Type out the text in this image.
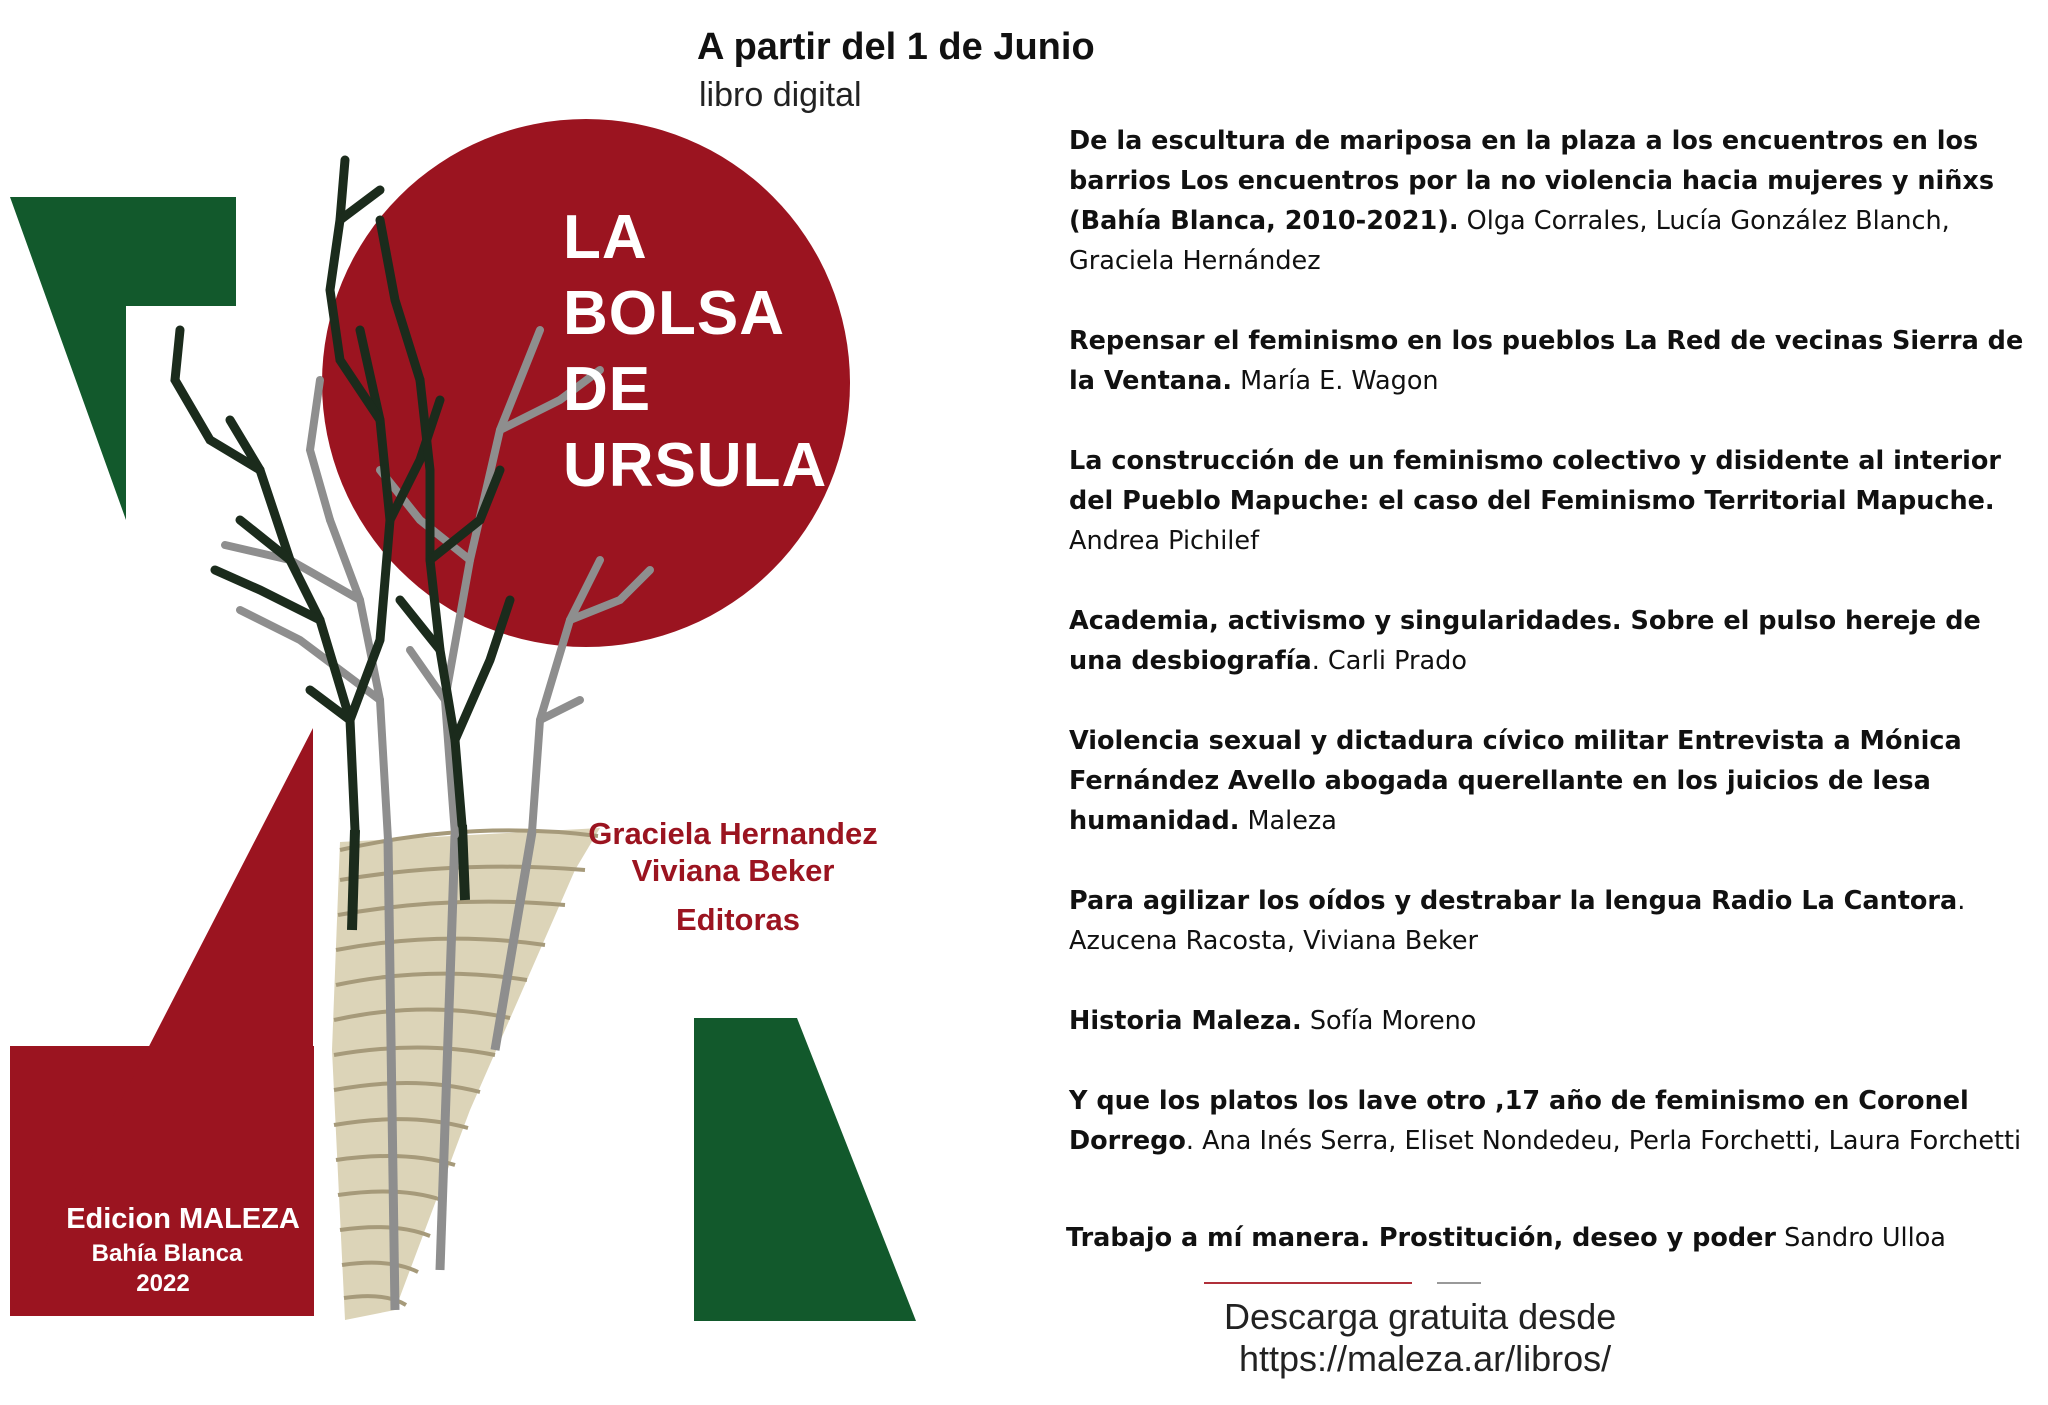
A partir del 1 de Junio
libro digital
LA
BOLSA
DE
URSULA
Graciela Hernandez
Viviana Beker
Editoras
Edicion MALEZA
Bahía Blanca
2022
De la escultura de mariposa en la plaza a los encuentros en los barrios Los encuentros por la no violencia hacia mujeres y niñxs (Bahía Blanca, 2010-2021). Olga Corrales, Lucía González Blanch, Graciela Hernández
Repensar el feminismo en los pueblos La Red de vecinas Sierra de la Ventana. María E. Wagon
La construcción de un feminismo colectivo y disidente al interior del Pueblo Mapuche: el caso del Feminismo Territorial Mapuche. Andrea Pichilef
Academia, activismo y singularidades. Sobre el pulso hereje de una desbiografía. Carli Prado
Violencia sexual y dictadura cívico militar Entrevista a Mónica Fernández Avello abogada querellante en los juicios de lesa humanidad. Maleza
Para agilizar los oídos y destrabar la lengua Radio La Cantora. Azucena Racosta, Viviana Beker
Historia Maleza. Sofía Moreno
Y que los platos los lave otro ,17 año de feminismo en Coronel Dorrego. Ana Inés Serra, Eliset Nondedeu, Perla Forchetti, Laura Forchetti
Trabajo a mí manera. Prostitución, deseo y poder Sandro Ulloa
Descarga gratuita desde
https://maleza.ar/libros/
